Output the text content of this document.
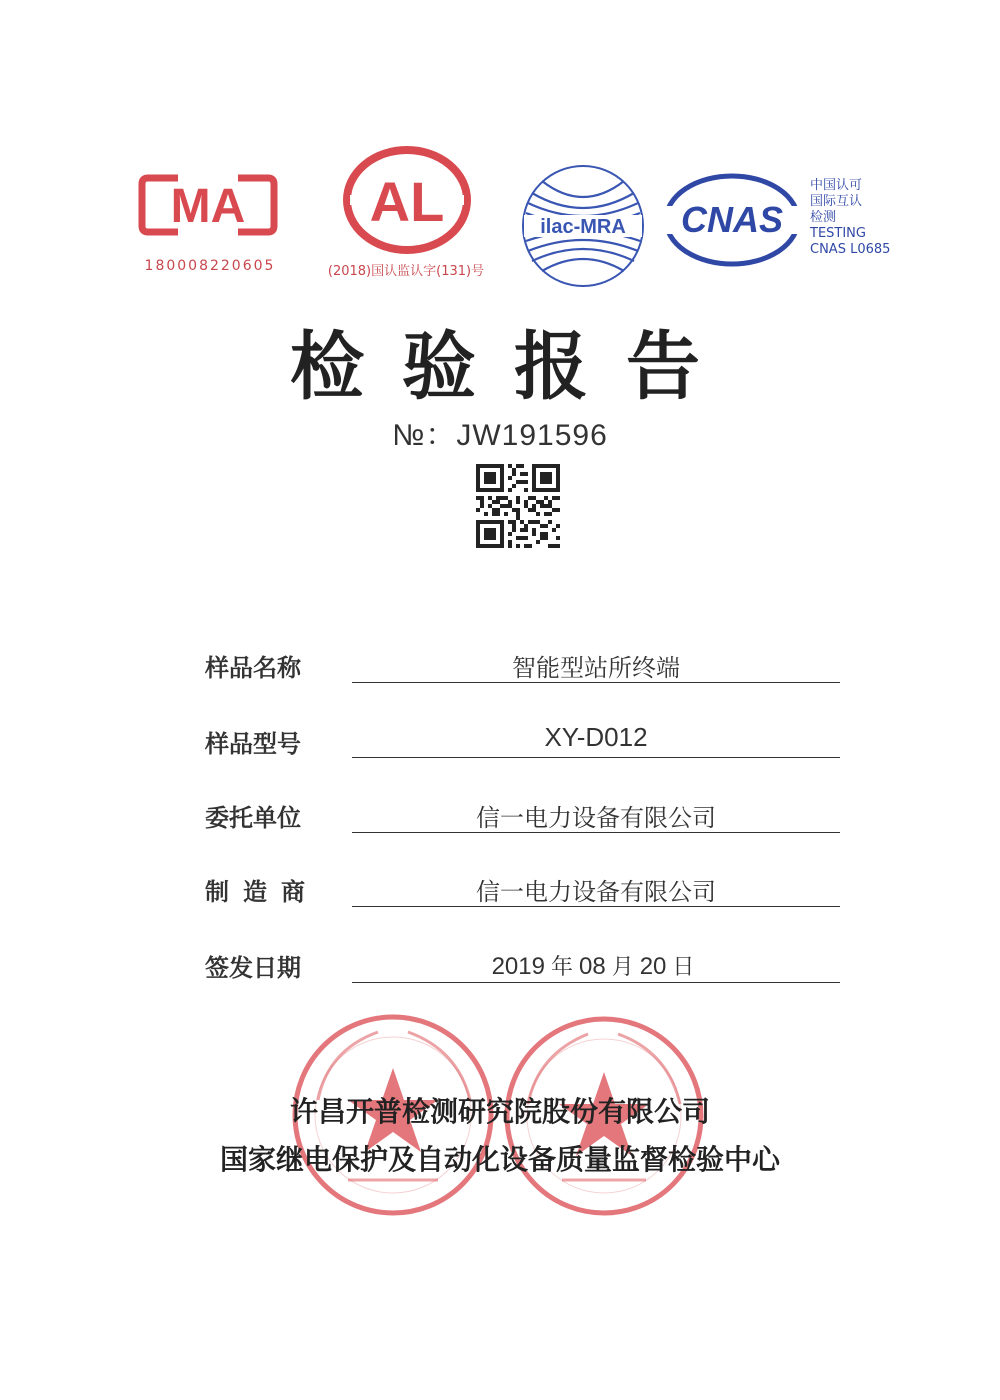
MA
180008220605
AL
(2018)国认监认字(131)号
ilac-MRA CNAS
中国认可
国际互认
检测
TESTING
CNAS L0685
检验报告
№：JW191596
样品名称	智能型站所终端
样品型号	XY-D012
委托单位	信一电力设备有限公司
制造商	信一电力设备有限公司
签发日期	2019 年 08 月 20 日
许昌开普检测研究院股份有限公司
国家继电保护及自动化设备质量监督检验中心
